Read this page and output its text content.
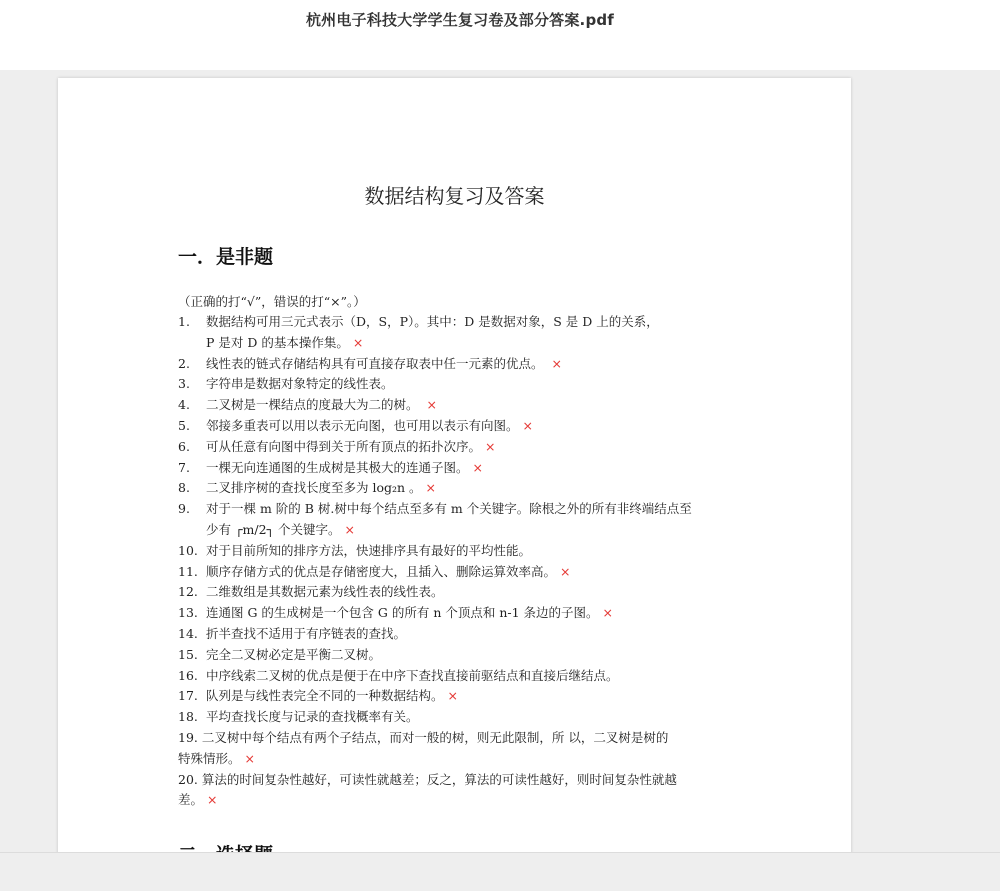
杭州电子科技大学学生复习卷及部分答案.pdf
数据结构复习及答案
一．是非题
（正确的打“√”，错误的打“×”。）
1. 数据结构可用三元式表示（D，S，P）。其中：D 是数据对象，S 是 D 上的关系，
P 是对 D 的基本操作集。 ×
2. 线性表的链式存储结构具有可直接存取表中任一元素的优点。 ×
3. 字符串是数据对象特定的线性表。
4. 二叉树是一棵结点的度最大为二的树。 ×
5. 邻接多重表可以用以表示无向图，也可用以表示有向图。 ×
6. 可从任意有向图中得到关于所有顶点的拓扑次序。 ×
7. 一棵无向连通图的生成树是其极大的连通子图。 ×
8. 二叉排序树的查找长度至多为 log₂n 。 ×
9. 对于一棵 m 阶的 B 树.树中每个结点至多有 m 个关键字。除根之外的所有非终端结点至
少有 ┌m/2┐ 个关键字。 ×
10. 对于目前所知的排序方法，快速排序具有最好的平均性能。
11. 顺序存储方式的优点是存储密度大，且插入、删除运算效率高。 ×
12. 二维数组是其数据元素为线性表的线性表。
13. 连通图 G 的生成树是一个包含 G 的所有 n 个顶点和 n-1 条边的子图。 ×
14. 折半查找不适用于有序链表的查找。
15. 完全二叉树必定是平衡二叉树。
16. 中序线索二叉树的优点是便于在中序下查找直接前驱结点和直接后继结点。
17. 队列是与线性表完全不同的一种数据结构。 ×
18. 平均查找长度与记录的查找概率有关。
19. 二叉树中每个结点有两个子结点，而对一般的树，则无此限制，所 以，二叉树是树的
特殊情形。 ×
20. 算法的时间复杂性越好，可读性就越差；反之，算法的可读性越好，则时间复杂性就越
差。 ×
